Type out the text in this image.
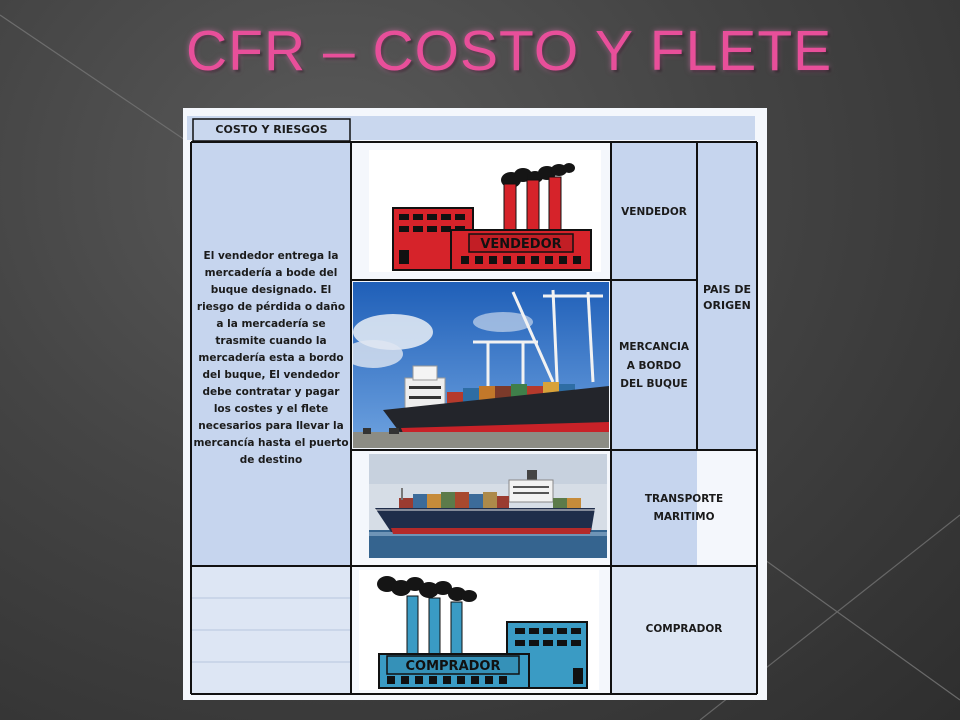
CFR – COSTO Y FLETE
COSTO Y RIESGOS
El vendedor entrega la mercadería a bode del buque designado. El riesgo de pérdida o daño a la mercadería se trasmite cuando la mercadería esta a bordo del buque, El vendedor debe contratar y pagar los costes y el flete necesarios para llevar la mercancía hasta el puerto de destino
VENDEDOR
COMPRADOR
VENDEDOR
MERCANCIA A BORDO DEL BUQUE
PAIS DE ORIGEN
TRANSPORTE MARITIMO
COMPRADOR
